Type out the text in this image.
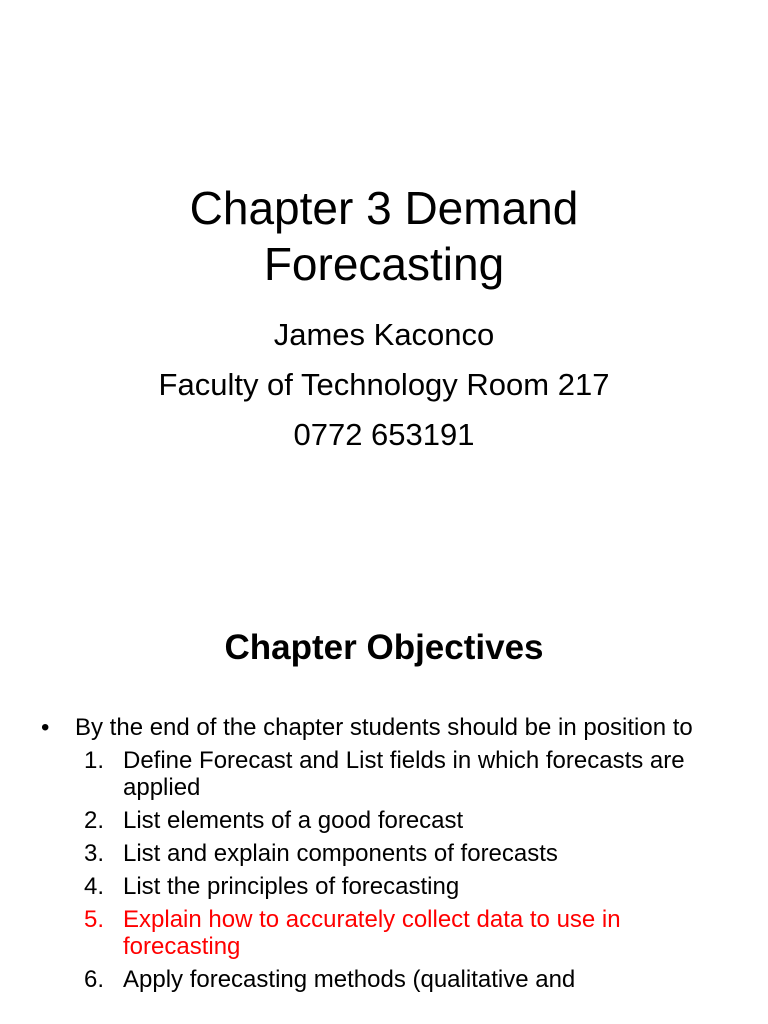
Chapter 3 Demand
Forecasting
James Kaconco
Faculty of Technology Room 217
0772 653191
Chapter Objectives
• By the end of the chapter students should be in position to
1. Define Forecast and List fields in which forecasts are applied
2. List elements of a good forecast
3. List and explain components of forecasts
4. List the principles of forecasting
5. Explain how to accurately collect data to use in forecasting
6. Apply forecasting methods (qualitative and
